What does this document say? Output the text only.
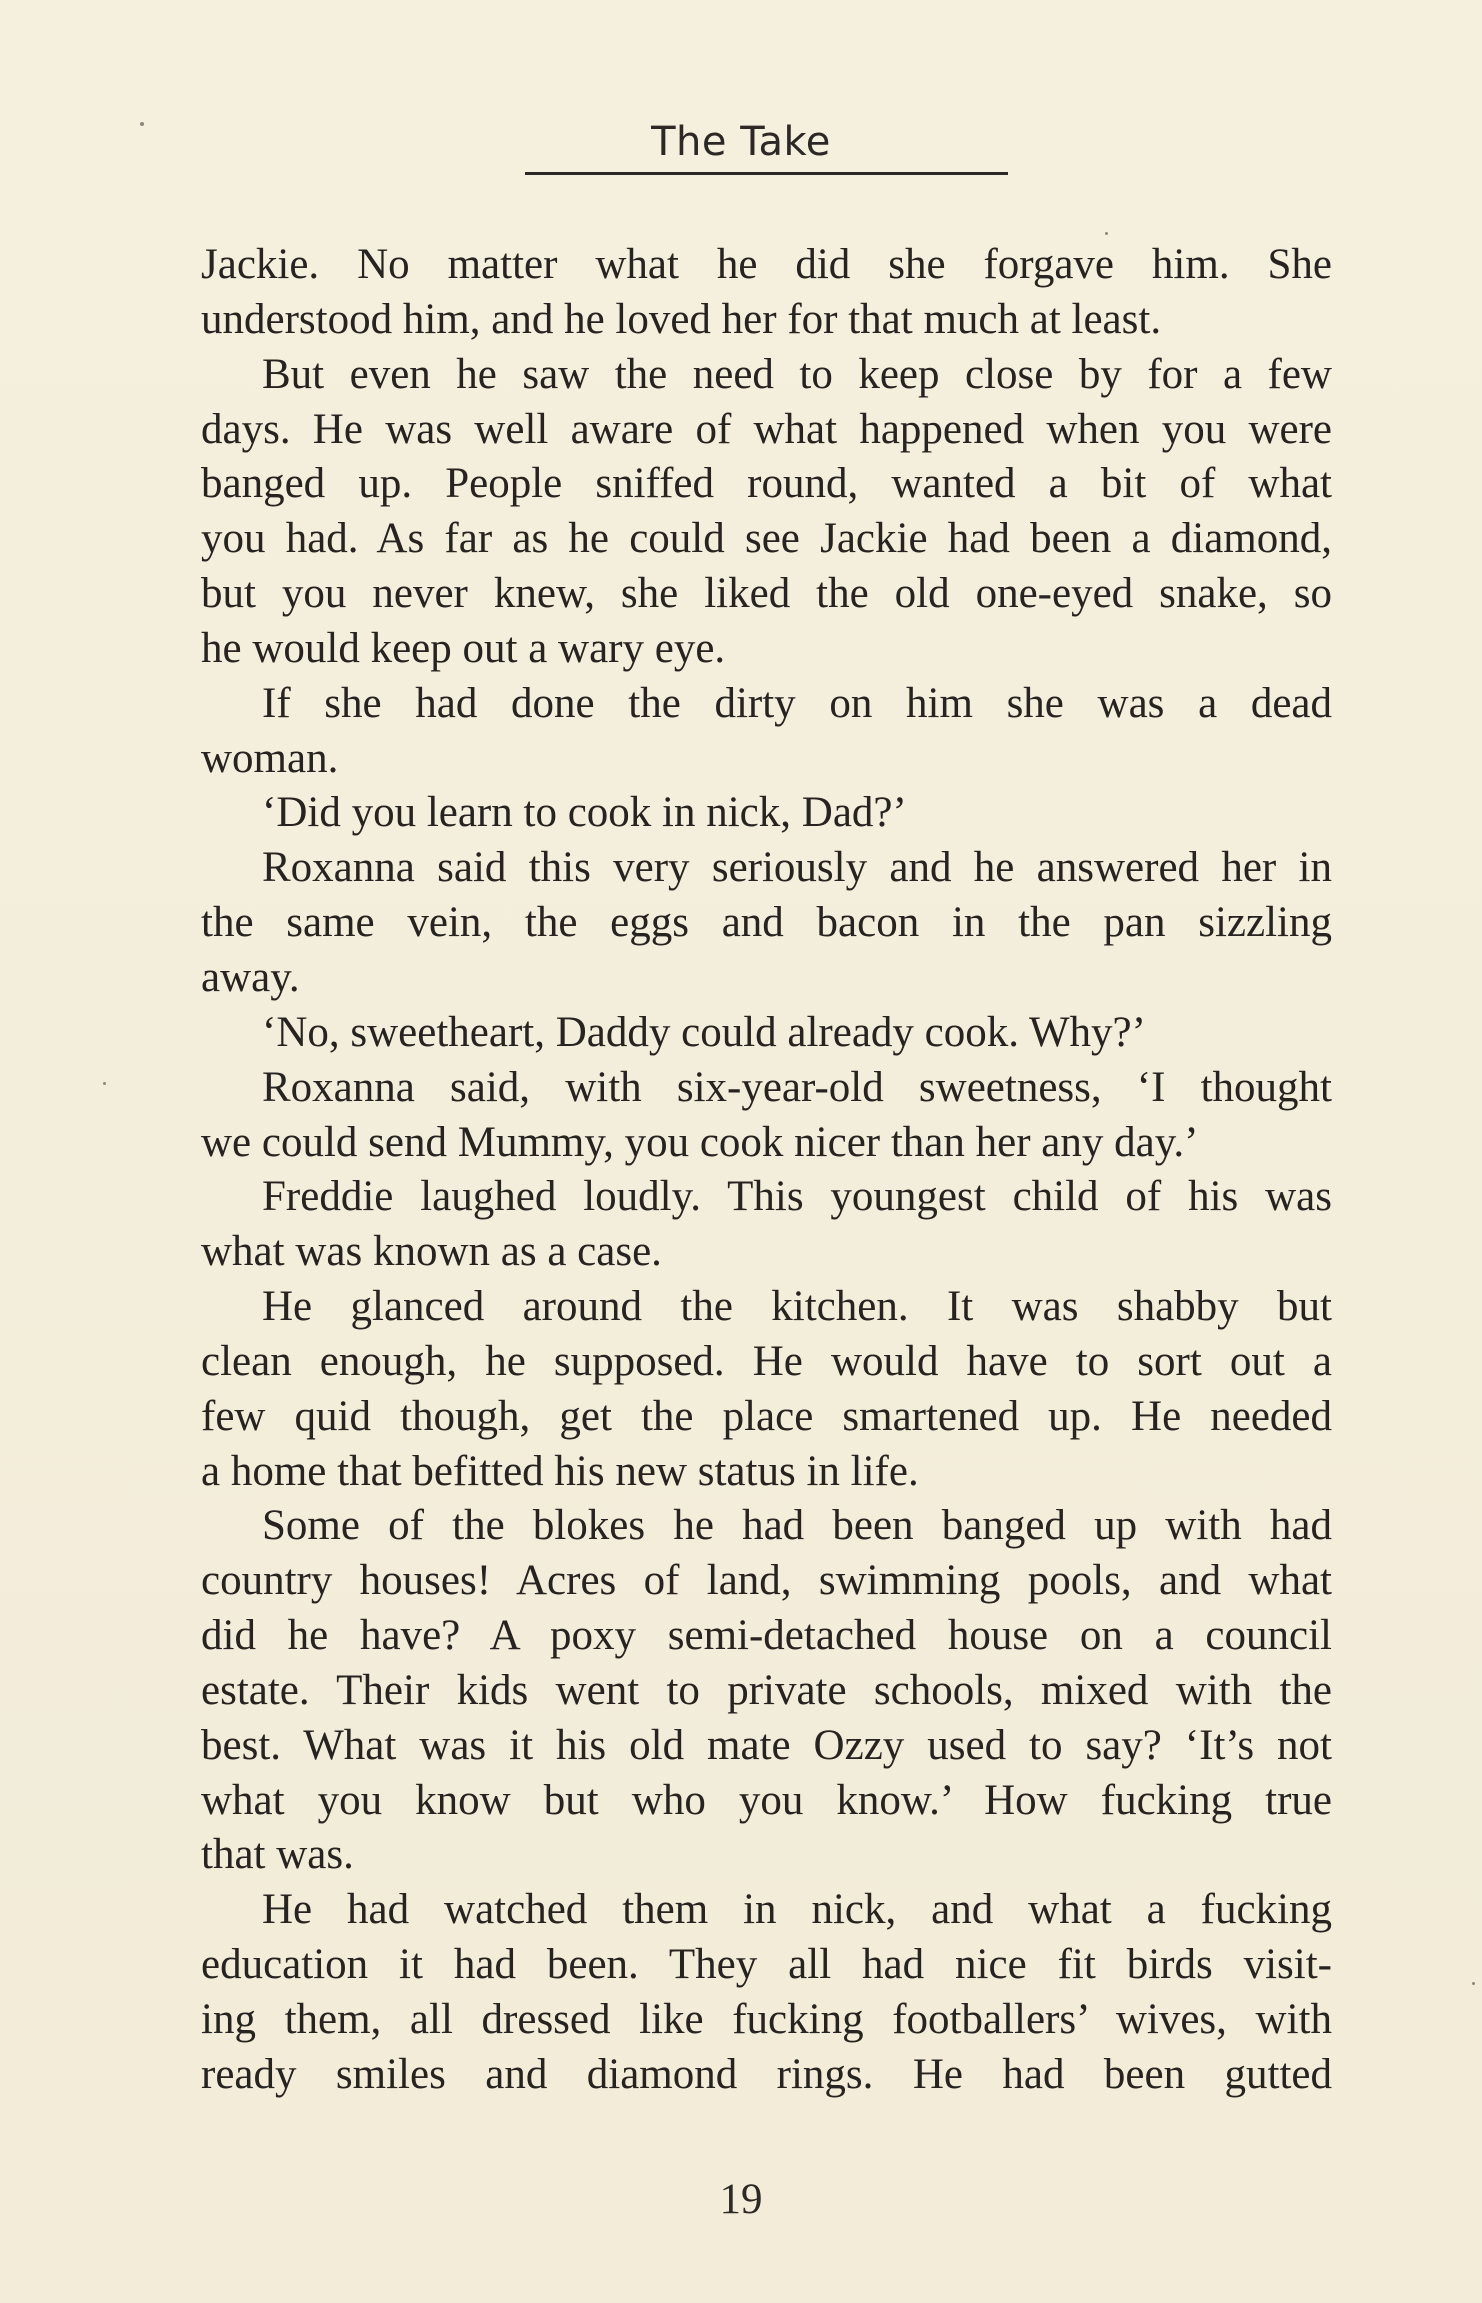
The Take
Jackie. No matter what he did she forgave him. She
understood him, and he loved her for that much at least.
But even he saw the need to keep close by for a few
days. He was well aware of what happened when you were
banged up. People sniffed round, wanted a bit of what
you had. As far as he could see Jackie had been a diamond,
but you never knew, she liked the old one-eyed snake, so
he would keep out a wary eye.
If she had done the dirty on him she was a dead
woman.
‘Did you learn to cook in nick, Dad?’
Roxanna said this very seriously and he answered her in
the same vein, the eggs and bacon in the pan sizzling
away.
‘No, sweetheart, Daddy could already cook. Why?’
Roxanna said, with six-year-old sweetness, ‘I thought
we could send Mummy, you cook nicer than her any day.’
Freddie laughed loudly. This youngest child of his was
what was known as a case.
He glanced around the kitchen. It was shabby but
clean enough, he supposed. He would have to sort out a
few quid though, get the place smartened up. He needed
a home that befitted his new status in life.
Some of the blokes he had been banged up with had
country houses! Acres of land, swimming pools, and what
did he have? A poxy semi-detached house on a council
estate. Their kids went to private schools, mixed with the
best. What was it his old mate Ozzy used to say? ‘It’s not
what you know but who you know.’ How fucking true
that was.
He had watched them in nick, and what a fucking
education it had been. They all had nice fit birds visit-
ing them, all dressed like fucking footballers’ wives, with
ready smiles and diamond rings. He had been gutted
19
